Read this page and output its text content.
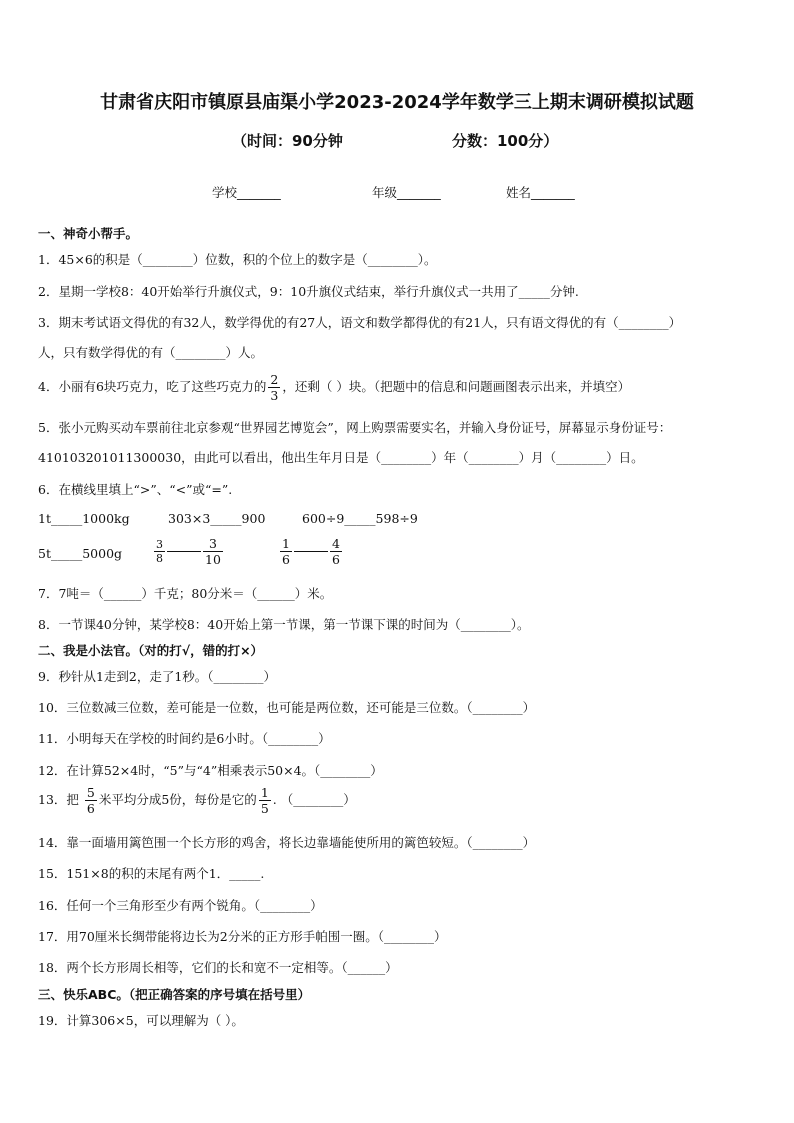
甘肃省庆阳市镇原县庙渠小学2023-2024学年数学三上期末调研模拟试题
（时间：90分钟	分数：100分）
学校_______	年级_______	姓名_______
一、神奇小帮手。
1．45×6的积是（________）位数，积的个位上的数字是（________）。
2．星期一学校8：40开始举行升旗仪式，9：10升旗仪式结束，举行升旗仪式一共用了_____分钟.
3．期末考试语文得优的有32人，数学得优的有27人，语文和数学都得优的有21人，只有语文得优的有（________）
人，只有数学得优的有（________）人。
4．小丽有6块巧克力，吃了这些巧克力的 $\frac{2}{3}$ ，还剩（ ）块。（把题中的信息和问题画图表示出来，并填空）
5．张小元购买动车票前往北京参观“世界园艺博览会”，网上购票需要实名，并输入身份证号，屏幕显示身份证号：
410103201011300030，由此可以看出，他出生年月日是（________）年（________）月（________）日。
6．在横线里填上“>”、“<”或“=”.
1t_____1000kg	303×3_____900	600÷9_____598÷9
5t_____5000g	$\frac{3}{8}$	$\frac{3}{10}$	$\frac{1}{6}$	$\frac{4}{6}$
7．7吨＝（______）千克；80分米＝（______）米。
8．一节课40分钟，某学校8：40开始上第一节课，第一节课下课的时间为（________）。
二、我是小法官。（对的打√，错的打×）
9．秒针从1走到2，走了1秒。（________）
10．三位数减三位数，差可能是一位数，也可能是两位数，还可能是三位数。（________）
11．小明每天在学校的时间约是6小时。（________）
12．在计算52×4时，“5”与“4”相乘表示50×4。（________）
13．把 $\frac{5}{6}$ 米平均分成5份，每份是它的 $\frac{1}{5}$ . （________）
14．靠一面墙用篱笆围一个长方形的鸡舍，将长边靠墙能使所用的篱笆较短。（________）
15．151×8的积的末尾有两个1．_____.
16．任何一个三角形至少有两个锐角。（________）
17．用70厘米长绸带能将边长为2分米的正方形手帕围一圈。（________）
18．两个长方形周长相等，它们的长和宽不一定相等。（______）
三、快乐ABC。（把正确答案的序号填在括号里）
19．计算306×5，可以理解为（ ）。
